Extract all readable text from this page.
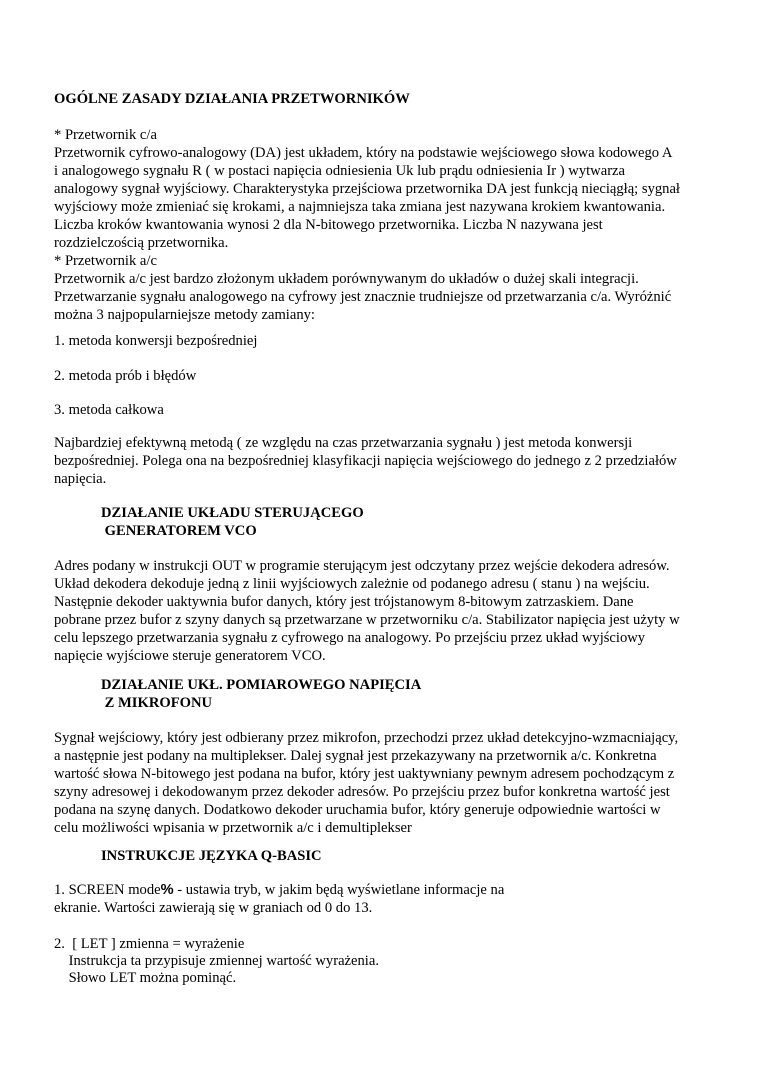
OGÓLNE ZASADY DZIAŁANIA PRZETWORNIKÓW

* Przetwornik c/a

Przetwornik cyfrowo-analogowy (DA) jest układem, który na podstawie wejściowego słowa kodowego A

i analogowego sygnału R ( w postaci napięcia odniesienia Uk lub prądu odniesienia Ir ) wytwarza

analogowy sygnał wyjściowy. Charakterystyka przejściowa przetwornika DA jest funkcją nieciągłą; sygnał

wyjściowy może zmieniać się krokami, a najmniejsza taka zmiana jest nazywana krokiem kwantowania.

Liczba kroków kwantowania wynosi 2 dla N-bitowego przetwornika. Liczba N nazywana jest

rozdzielczością przetwornika.

* Przetwornik a/c

Przetwornik a/c jest bardzo złożonym układem porównywanym do układów o dużej skali integracji.

Przetwarzanie sygnału analogowego na cyfrowy jest znacznie trudniejsze od przetwarzania c/a. Wyróżnić

można 3 najpopularniejsze metody zamiany:

1. metoda konwersji bezpośredniej
2. metoda prób i błędów
3. metoda całkowa
Najbardziej efektywną metodą ( ze względu na czas przetwarzania sygnału ) jest metoda konwersji
bezpośredniej. Polega ona na bezpośredniej klasyfikacji napięcia wejściowego do jednego z 2 przedziałów
napięcia.
DZIAŁANIE UKŁADU STERUJĄCEGO
GENERATOREM VCO

Adres podany w instrukcji OUT w programie sterującym jest odczytany przez wejście dekodera adresów.

Układ dekodera dekoduje jedną z linii wyjściowych zależnie od podanego adresu ( stanu ) na wejściu.

Następnie dekoder uaktywnia bufor danych, który jest trójstanowym 8-bitowym zatrzaskiem. Dane

pobrane przez bufor z szyny danych są przetwarzane w przetworniku c/a. Stabilizator napięcia jest użyty w

celu lepszego przetwarzania sygnału z cyfrowego na analogowy. Po przejściu przez układ wyjściowy

napięcie wyjściowe steruje generatorem VCO.

DZIAŁANIE UKŁ. POMIAROWEGO NAPIĘCIA
Z MIKROFONU

Sygnał wejściowy, który jest odbierany przez mikrofon, przechodzi przez układ detekcyjno-wzmacniający,

a następnie jest podany na multiplekser. Dalej sygnał jest przekazywany na przetwornik a/c. Konkretna

wartość słowa N-bitowego jest podana na bufor, który jest uaktywniany pewnym adresem pochodzącym z

szyny adresowej i dekodowanym przez dekoder adresów. Po przejściu przez bufor konkretna wartość jest

podana na szynę danych. Dodatkowo dekoder uruchamia bufor, który generuje odpowiednie wartości w

celu możliwości wpisania w przetwornik a/c i demultiplekser

INSTRUKCJE JĘZYKA Q-BASIC
1. SCREEN mode% - ustawia tryb, w jakim będą wyświetlane informacje na
ekranie. Wartości zawierają się w graniach od 0 do 13.
2.  [ LET ] zmienna = wyrażenie
Instrukcja ta przypisuje zmiennej wartość wyrażenia.
Słowo LET można pominąć.
